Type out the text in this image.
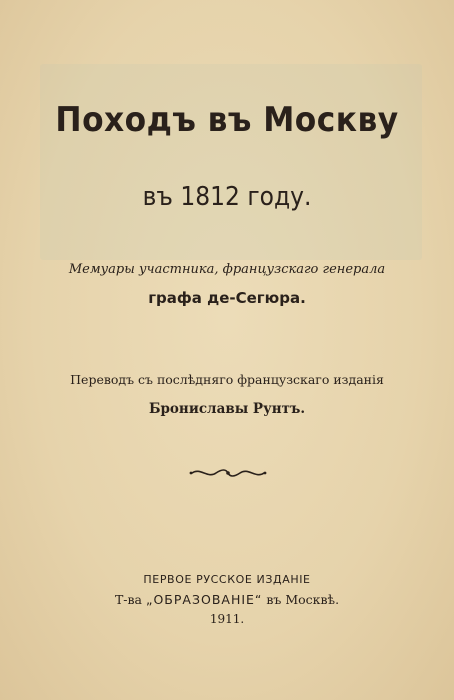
Походъ въ Москву
въ 1812 году.
Мемуары участника, французскаго генерала
графа де-Сегюра.
Переводъ съ послѣдняго французскаго изданія
Брониславы Рунтъ.
ПЕРВОЕ РУССКОЕ ИЗДАНІЕ
Т-ва „ОБРАЗОВАНІЕ“ въ Москвѣ.
1911.
